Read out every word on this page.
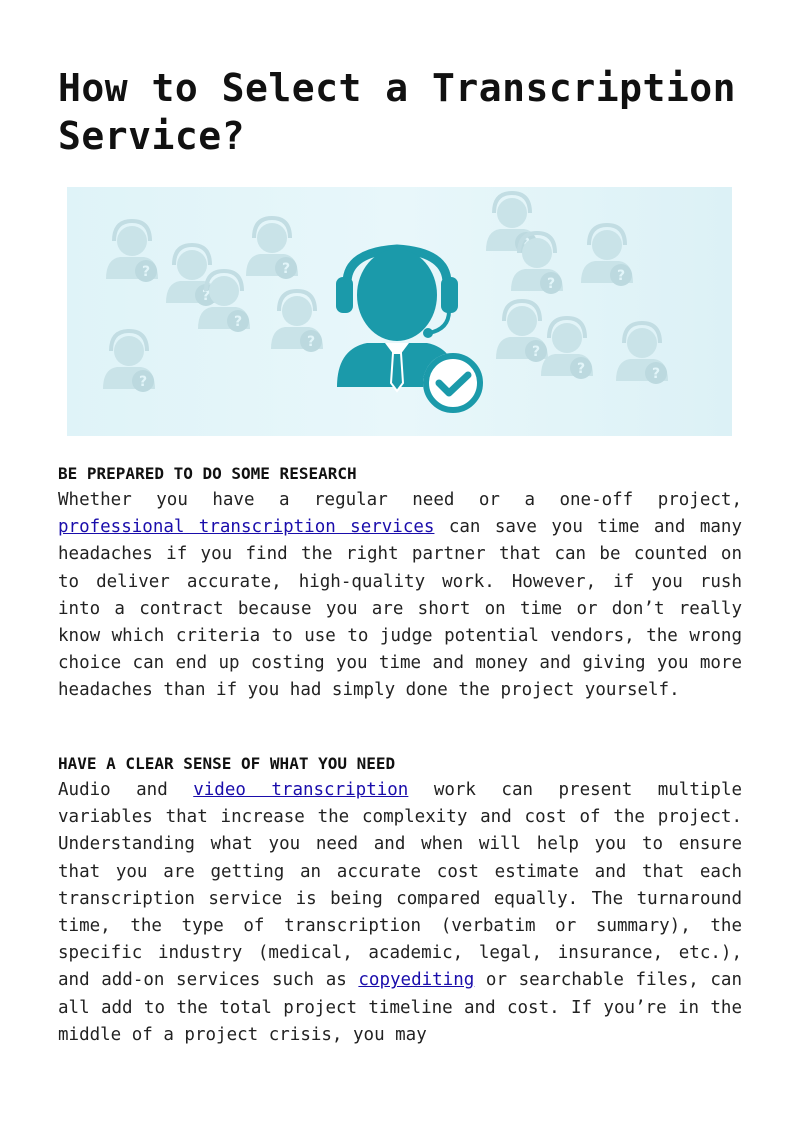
How to Select a Transcription Service?
?

BE PREPARED TO DO SOME RESEARCH

Whether you have a regular need or a one-off project, professional transcription services can save you time and many headaches if you find the right partner that can be counted on to deliver accurate, high-quality work. However, if you rush into a contract because you are short on time or don’t really know which criteria to use to judge potential vendors, the wrong choice can end up costing you time and money and giving you more headaches than if you had simply done the project yourself.

HAVE A CLEAR SENSE OF WHAT YOU NEED

Audio and video transcription work can present multiple variables that increase the complexity and cost of the project. Understanding what you need and when will help you to ensure that you are getting an accurate cost estimate and that each transcription service is being compared equally. The turnaround time, the type of transcription (verbatim or summary), the specific industry (medical, academic, legal, insurance, etc.), and add-on services such as copyediting or searchable files, can all add to the total project timeline and cost. If you’re in the middle of a project crisis, you may
